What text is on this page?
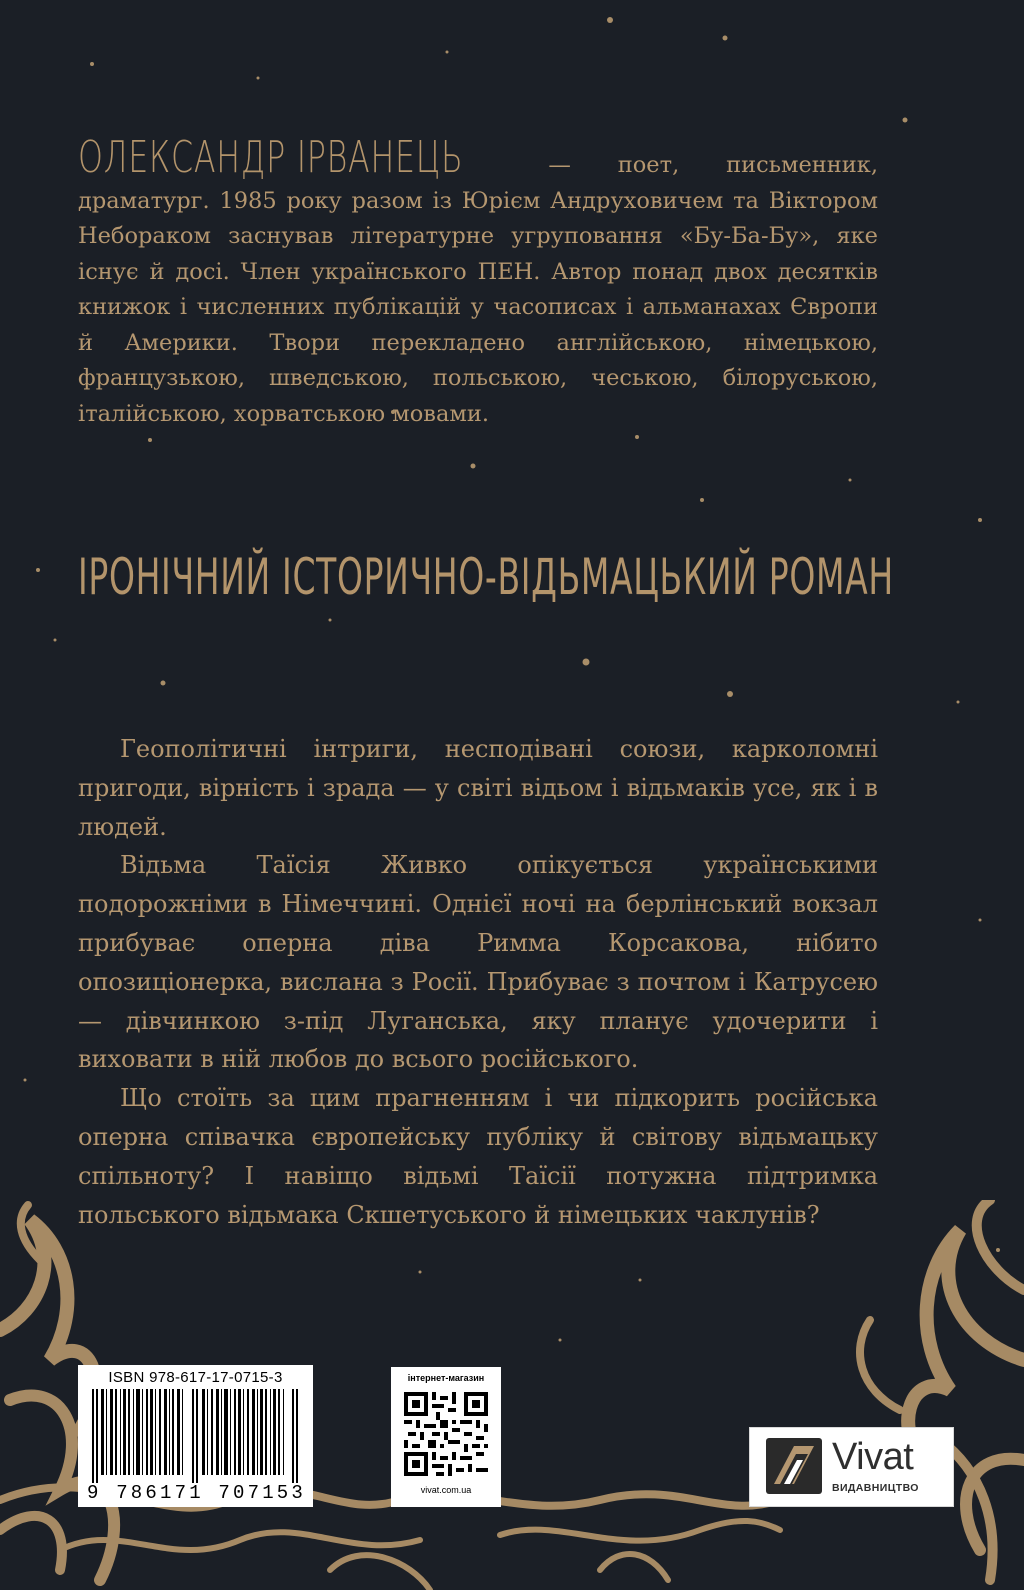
ОЛЕКСАНДР ІРВАНЕЦЬ — поет, письменник, драматург. 1985 року разом із Юрієм Андруховичем та Віктором Небораком заснував літературне угруповання «Бу-Ба-Бу», яке існує й досі. Член українського ПЕН. Автор понад двох десятків книжок і численних публікацій у часописах і альманахах Європи й Америки. Твори перекладено англійською, німецькою, французькою, шведською, польською, чеською, білоруською, італійською, хорватською мовами.
ІРОНІЧНИЙ ІСТОРИЧНО-ВІДЬМАЦЬКИЙ РОМАН

Геополітичні інтриги, несподівані союзи, карколомні пригоди, вірність і зрада — у світі відьом і відьмаків усе, як і в людей.

Відьма Таїсія Живко опікується українськими подорожніми в Німеччині. Однієї ночі на берлінський вокзал прибуває оперна діва Римма Корсакова, нібито опозиціонерка, вислана з Росії. Прибуває з почтом і Катрусею — дівчинкою з-під Луганська, яку планує удочерити і виховати в ній любов до всього російського.

Що стоїть за цим прагненням і чи підкорить російська оперна співачка європейську публіку й світову відьмацьку спільноту? І навіщо відьмі Таїсії потужна підтримка польського відьмака Скшетуського й німецьких чаклунів?

ISBN 978-617-17-0715-3
9 786171 707153
інтернет-магазин
vivat.com.ua
Vivat
ВИДАВНИЦТВО
